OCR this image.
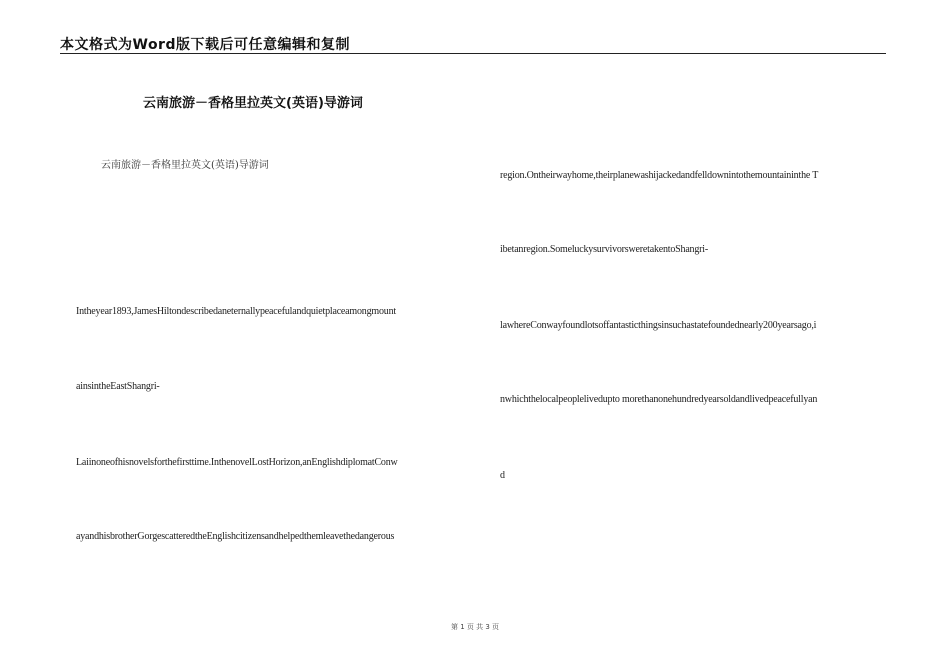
本文格式为Word版下载后可任意编辑和复制
云南旅游－香格里拉英文(英语)导游词
云南旅游－香格里拉英文(英语)导游词
Intheyear1893,JamesHiltondescribedaneternallypeacefulandquietplaceamongmount
ainsintheEastShangri-
Laiinoneofhisnovelsforthefirsttime.InthenovelLostHorizon,anEnglishdiplomatConw
ayandhisbrotherGorgescatteredtheEnglishcitizensandhelpedthemleavethedangerous
region.Ontheirwayhome,theirplanewashijackedandfelldownintothemountaininthe T
ibetanregion.SomeluckysurvivorsweretakentoShangri-
lawhereConwayfoundlotsoffantasticthingsinsuchastatefoundednearly200yearsago,i
nwhichthelocalpeoplelivedupto morethanonehundredyearsoldandlivedpeacefullyan
d
第 1 页 共 3 页
